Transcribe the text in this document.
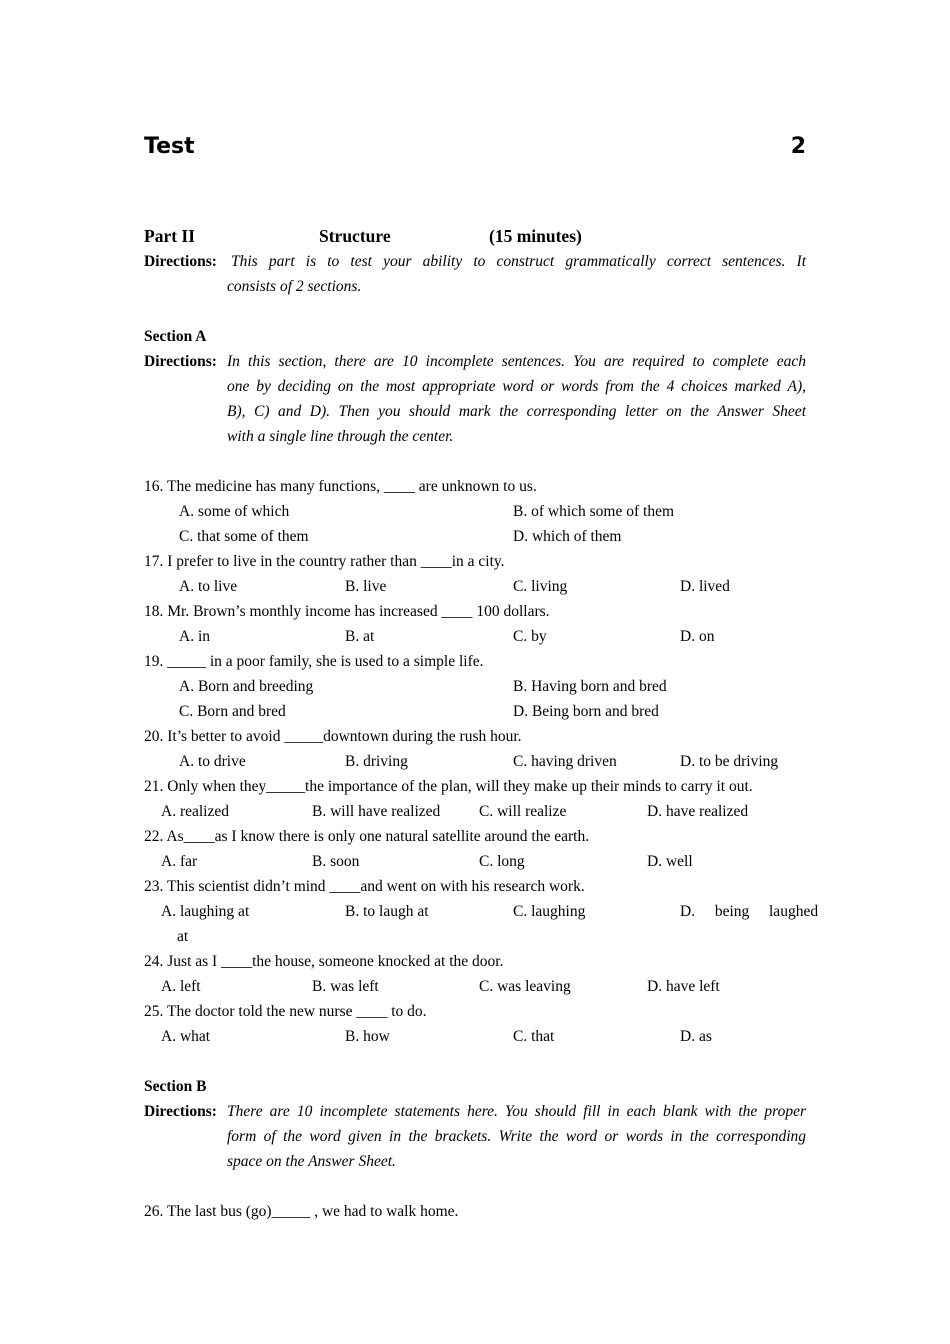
Test	2
Part II	Structure	(15 minutes)
Directions: This part is to test your ability to construct grammatically correct sentences. It
consists of 2 sections.
Section A
Directions: In this section, there are 10 incomplete sentences. You are required to complete each
one by deciding on the most appropriate word or words from the 4 choices marked A),
B), C) and D). Then you should mark the corresponding letter on the Answer Sheet
with a single line through the center.
16. The medicine has many functions, ____ are unknown to us.
A. some of which	B. of which some of them
C. that some of them	D. which of them
17. I prefer to live in the country rather than ____in a city.
A. to live	B. live	C. living	D. lived
18. Mr. Brown’s monthly income has increased ____ 100 dollars.
A. in	B. at	C. by	D. on
19. _____ in a poor family, she is used to a simple life.
A. Born and breeding	B. Having born and bred
C. Born and bred	D. Being born and bred
20. It’s better to avoid _____downtown during the rush hour.
A. to drive	B. driving	C. having driven	D. to be driving
21. Only when they_____the importance of the plan, will they make up their minds to carry it out.
A. realized	B. will have realized C. will realize	D. have realized
22. As____as I know there is only one natural satellite around the earth.
A. far	B. soon	C. long	D. well
23. This scientist didn’t mind ____and went on with his research work.
A. laughing at	B. to laugh at	C. laughing	D.  being  laughed
at
24. Just as I ____the house, someone knocked at the door.
A. left	B. was left	C. was leaving	D. have left
25. The doctor told the new nurse ____ to do.
A. what	B. how	C. that	D. as
Section B
Directions: There are 10 incomplete statements here. You should fill in each blank with the proper
form of the word given in the brackets. Write the word or words in the corresponding
space on the Answer Sheet.
26. The last bus (go)_____ , we had to walk home.
